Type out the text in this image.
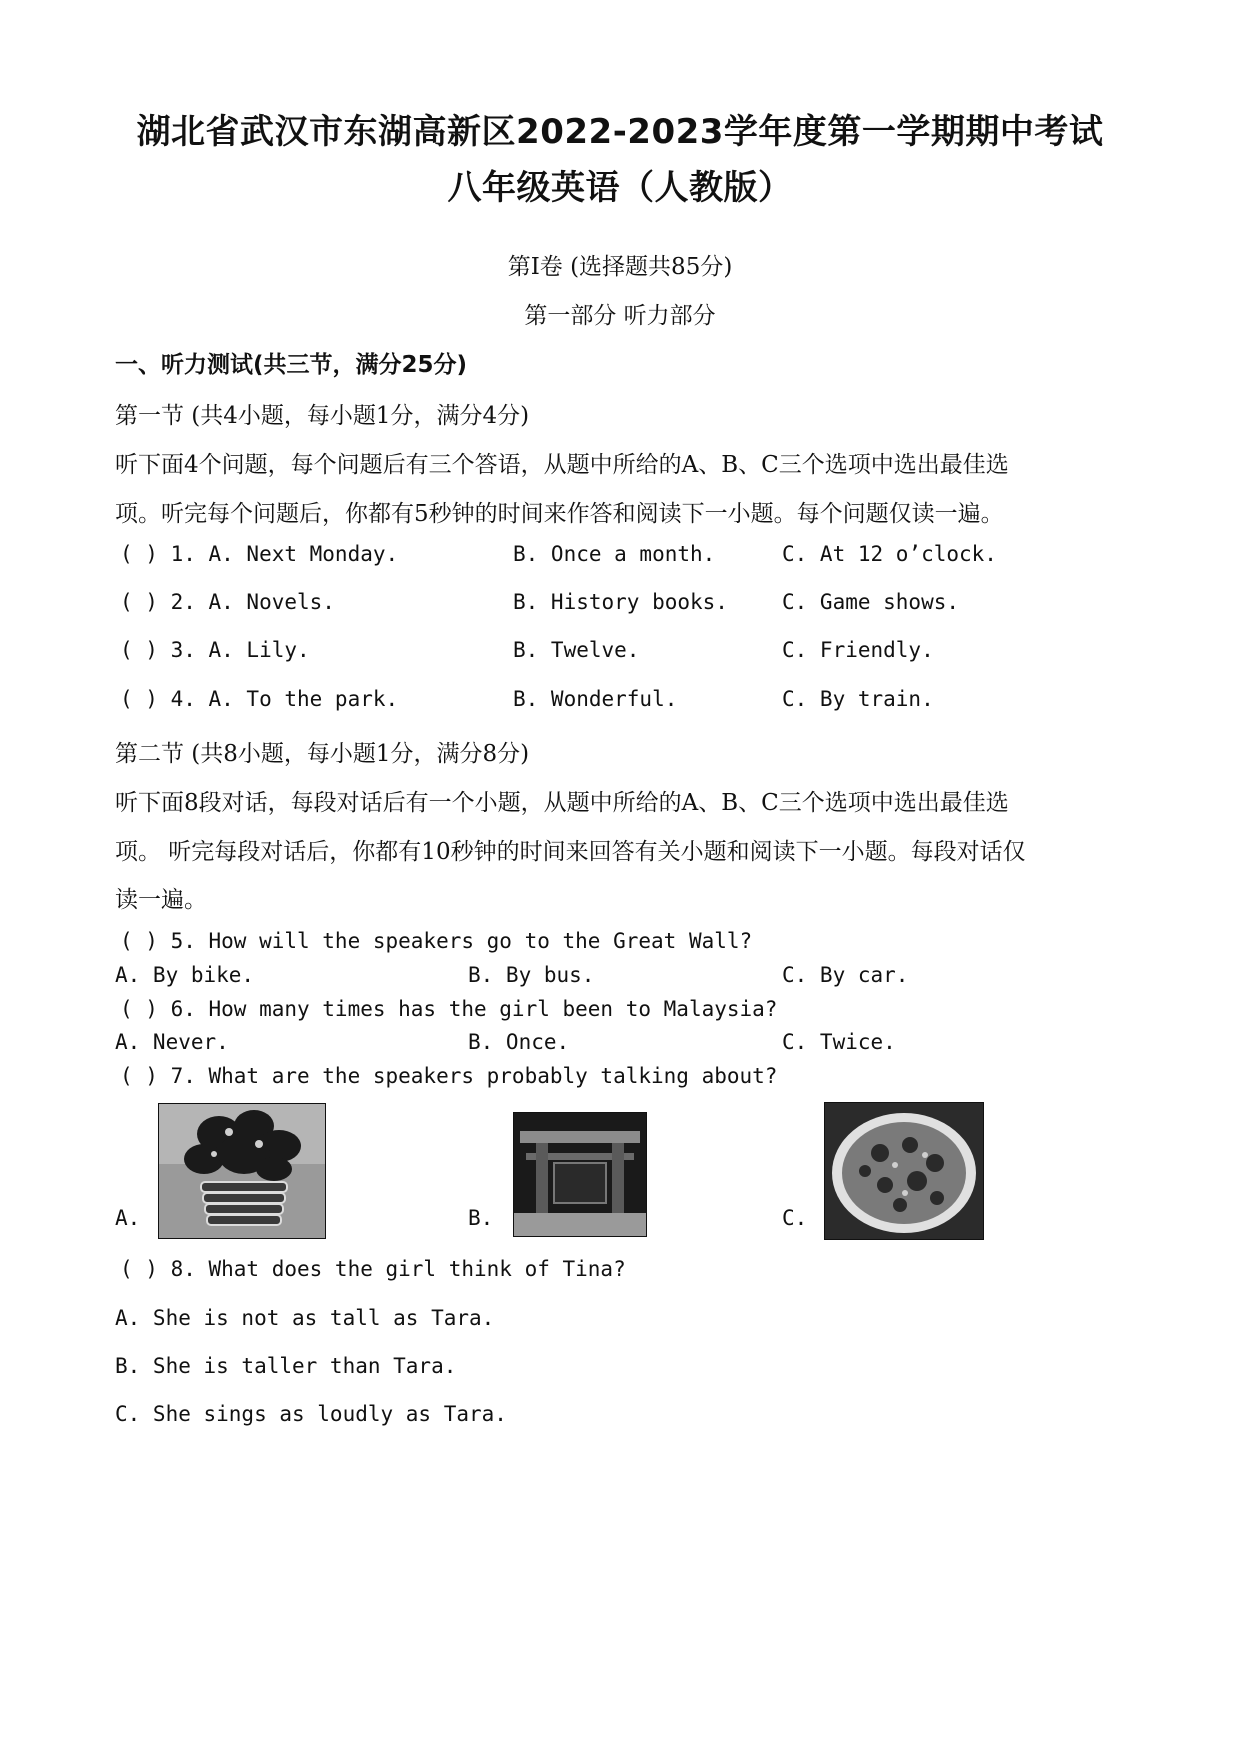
湖北省武汉市东湖高新区2022-2023学年度第一学期期中考试
八年级英语（人教版）
第Ⅰ卷 (选择题共85分)
第一部分 听力部分
一、听力测试(共三节，满分25分)
第一节 (共4小题，每小题1分，满分4分)
听下面4个问题，每个问题后有三个答语，从题中所给的A、B、C三个选项中选出最佳选
项。听完每个问题后，你都有5秒钟的时间来作答和阅读下一小题。每个问题仅读一遍。
( ) 1. A. Next Monday.	B. Once a month.	C. At 12 o’clock.
( ) 2. A. Novels.	B. History books.	C. Game shows.
( ) 3. A. Lily.	B. Twelve.	C. Friendly.
( ) 4. A. To the park.	B. Wonderful.	C. By train.
第二节 (共8小题，每小题1分，满分8分)
听下面8段对话，每段对话后有一个小题，从题中所给的A、B、C三个选项中选出最佳选
项。 听完每段对话后，你都有10秒钟的时间来回答有关小题和阅读下一小题。每段对话仅
读一遍。
( ) 5. How will the speakers go to the Great Wall?
A. By bike.	B. By bus.	C. By car.
( ) 6. How many times has the girl been to Malaysia?
A. Never.	B. Once.	C. Twice.
( ) 7. What are the speakers probably talking about?
A.	B.	C.
( ) 8. What does the girl think of Tina?
A. She is not as tall as Tara.
B. She is taller than Tara.
C. She sings as loudly as Tara.
